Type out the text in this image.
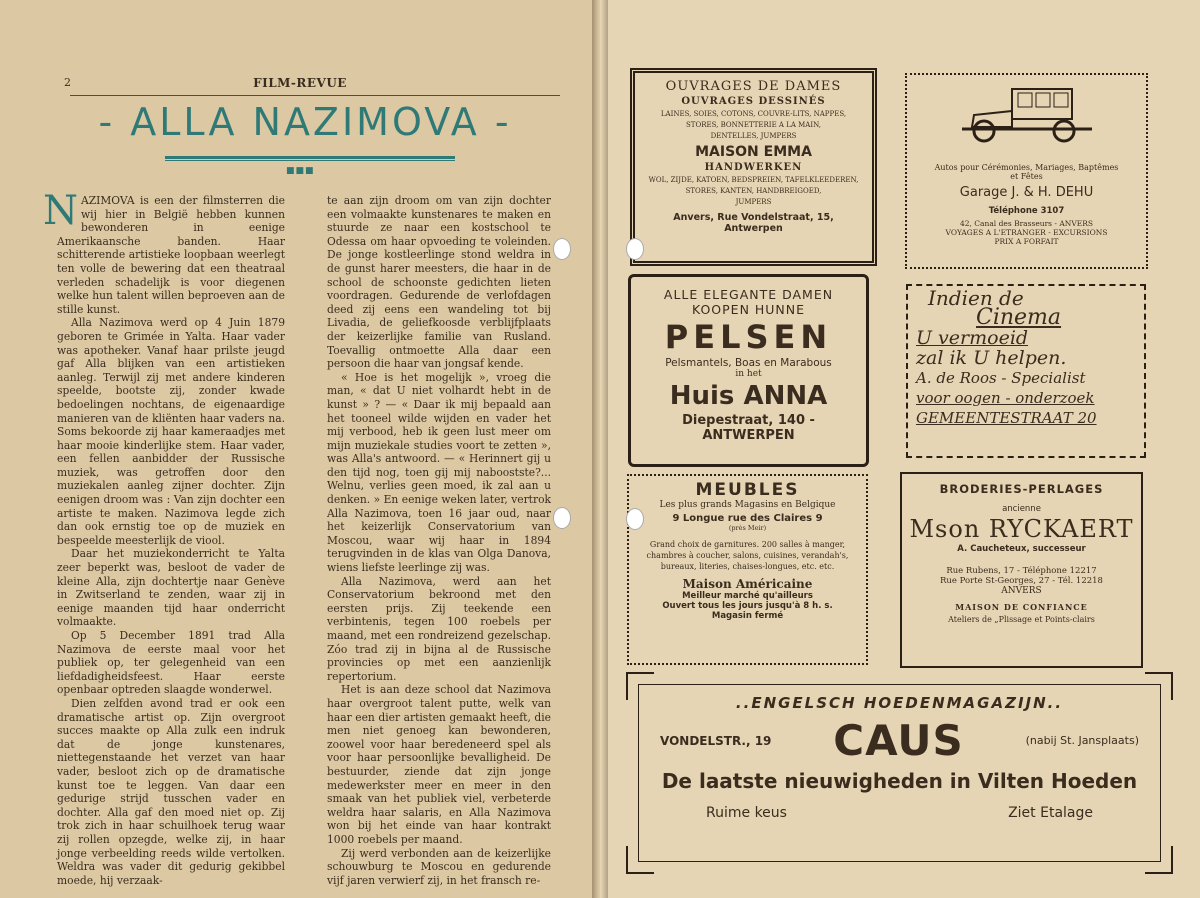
2	FILM-REVUE
- ALLA NAZIMOVA -
■■■

NAZIMOVA is een der filmsterren die wij hier in België hebben kunnen bewonderen in eenige Amerikaansche banden. Haar schitterende artistieke loopbaan weerlegt ten volle de bewering dat een theatraal verleden schadelijk is voor diegenen welke hun talent willen beproeven aan de stille kunst.

Alla Nazimova werd op 4 Juin 1879 geboren te Grimée in Yalta. Haar vader was apotheker. Vanaf haar prilste jeugd gaf Alla blijken van een artistieken aanleg. Terwijl zij met andere kinderen speelde, bootste zij, zonder kwade bedoelingen nochtans, de eigenaardige manieren van de kliënten haar vaders na. Soms bekoorde zij haar kameraadjes met haar mooie kinderlijke stem. Haar vader, een fellen aanbidder der Russische muziek, was getroffen door den muziekalen aanleg zijner dochter. Zijn eenigen droom was : Van zijn dochter een artiste te maken. Nazimova legde zich dan ook ernstig toe op de muziek en bespeelde meesterlijk de viool.

Daar het muziekonderricht te Yalta zeer beperkt was, besloot de vader de kleine Alla, zijn dochtertje naar Genève in Zwitserland te zenden, waar zij in eenige maanden tijd haar onderricht volmaakte.

Op 5 December 1891 trad Alla Nazimova de eerste maal voor het publiek op, ter gelegenheid van een liefdadigheidsfeest. Haar eerste openbaar optreden slaagde wonderwel.

Dien zelfden avond trad er ook een dramatische artist op. Zijn overgroot succes maakte op Alla zulk een indruk dat de jonge kunstenares, niettegenstaande het verzet van haar vader, besloot zich op de dramatische kunst toe te leggen. Van daar een gedurige strijd tusschen vader en dochter. Alla gaf den moed niet op. Zij trok zich in haar schuilhoek terug waar zij rollen opzegde, welke zij, in haar jonge verbeelding reeds wilde vertolken. Weldra was vader dit gedurig gekibbel moede, hij verzaak-

te aan zijn droom om van zijn dochter een volmaakte kunstenares te maken en stuurde ze naar een kostschool te Odessa om haar opvoeding te voleinden. De jonge kostleerlinge stond weldra in de gunst harer meesters, die haar in de school de schoonste gedichten lieten voordragen. Gedurende de verlofdagen deed zij eens een wandeling tot bij Livadia, de geliefkoosde verblijfplaats der keizerlijke familie van Rusland. Toevallig ontmoette Alla daar een persoon die haar van jongsaf kende.

« Hoe is het mogelijk », vroeg die man, « dat U niet volhardt hebt in de kunst » ? — « Daar ik mij bepaald aan het tooneel wilde wijden en vader het mij verbood, heb ik geen lust meer om mijn muziekale studies voort te zetten », was Alla's antwoord. — « Herinnert gij u den tijd nog, toen gij mij naboostste?... Welnu, verlies geen moed, ik zal aan u denken. » En eenige weken later, vertrok Alla Nazimova, toen 16 jaar oud, naar het keizerlijk Conservatorium van Moscou, waar wij haar in 1894 terugvinden in de klas van Olga Danova, wiens liefste leerlinge zij was.

Alla Nazimova, werd aan het Conservatorium bekroond met den eersten prijs. Zij teekende een verbintenis, tegen 100 roebels per maand, met een rondreizend gezelschap. Zóo trad zij in bijna al de Russische provincies op met een aanzienlijk repertorium.

Het is aan deze school dat Nazimova haar overgroot talent putte, welk van haar een dier artisten gemaakt heeft, die men niet genoeg kan bewonderen, zoowel voor haar beredeneerd spel als voor haar persoonlijke bevalligheid. De bestuurder, ziende dat zijn jonge medewerkster meer en meer in den smaak van het publiek viel, verbeterde weldra haar salaris, en Alla Nazimova won bij het einde van haar kontrakt 1000 roebels per maand.

Zij werd verbonden aan de keizerlijke schouwburg te Moscou en gedurende vijf jaren verwierf zij, in het fransch re-

OUVRAGES DE DAMES
OUVRAGES DESSINÉS
LAINES, SOIES, COTONS, COUVRE-LITS, NAPPES,
STORES, BONNETTERIE A LA MAIN,
DENTELLES, JUMPERS
MAISON EMMA
HANDWERKEN
WOL, ZIJDE, KATOEN, BEDSPREIEN, TAFELKLEEDEREN, STORES, KANTEN, HANDBREIGOED,
JUMPERS
Anvers, Rue Vondelstraat, 15, Antwerpen
Autos pour Cérémonies, Mariages, Baptêmes
et Fêtes
Garage J. & H. DEHU
Téléphone 3107
42, Canal des Brasseurs - ANVERS
VOYAGES A L'ETRANGER - EXCURSIONS
PRIX A FORFAIT
ALLE ELEGANTE DAMEN
KOOPEN HUNNE
PELSEN
Pelsmantels, Boas en Marabous
in het
Huis ANNA
Diepestraat, 140 - ANTWERPEN
Indien de
Cinema
U vermoeid
zal ik U helpen.
A. de Roos - Specialist
voor oogen - onderzoek
GEMEENTESTRAAT 20
MEUBLES
Les plus grands Magasins en Belgique
9 Longue rue des Claires 9
(près Meir)
Grand choix de garnitures. 200 salles à manger, chambres à coucher, salons, cuisines, verandah's, bureaux, literies, chaises-longues, etc. etc.
Maison Américaine
Meilleur marché qu'ailleurs
Ouvert tous les jours jusqu'à 8 h. s.
Magasin fermé
BRODERIES-PERLAGES
ancienne
Mson RYCKAERT
A. Caucheteux, successeur
Rue Rubens, 17 - Téléphone 12217
Rue Porte St-Georges, 27 - Tél. 12218
ANVERS
MAISON DE CONFIANCE
Ateliers de „Plissage et Points-clairs
..ENGELSCH HOEDENMAGAZIJN..
VONDELSTR., 19 CAUS	(nabij St. Jansplaats)
De laatste nieuwigheden in Vilten Hoeden
Ruime keus	Ziet Etalage
